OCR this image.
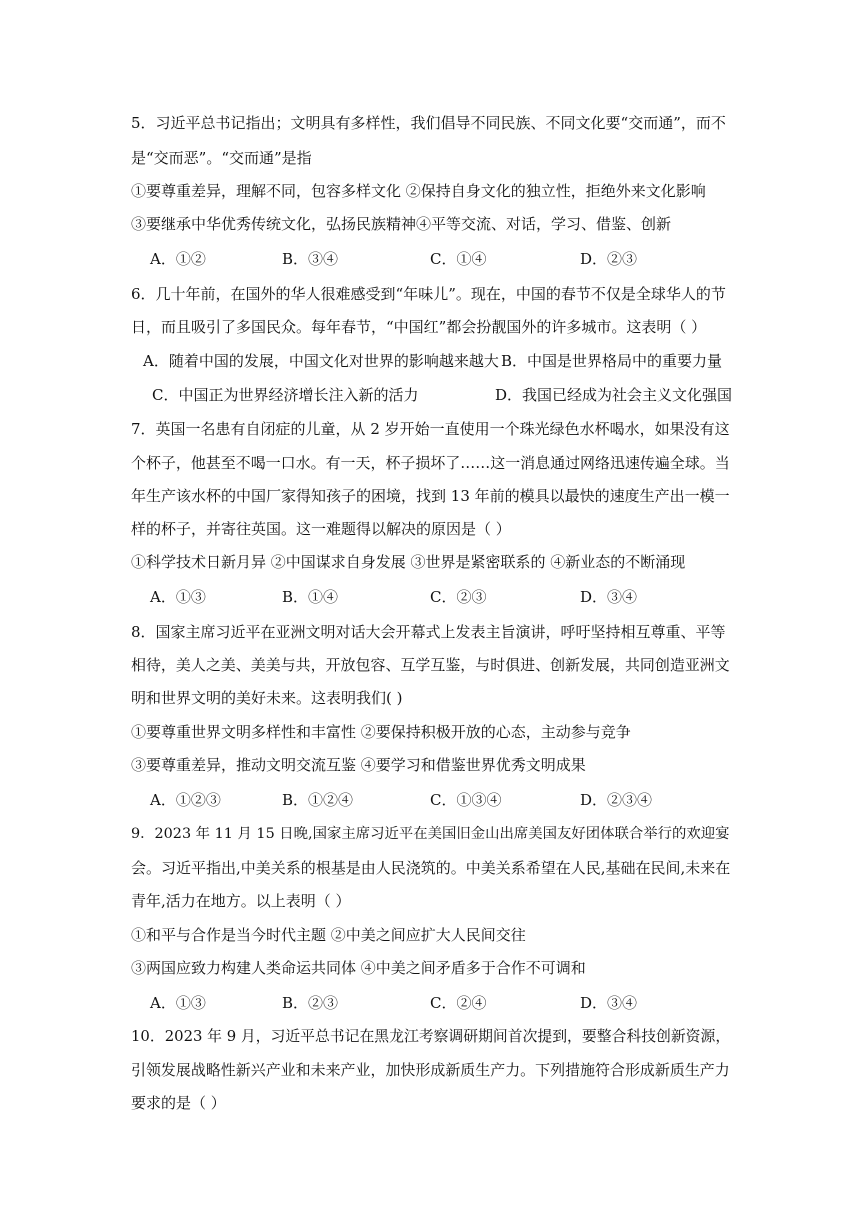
5．习近平总书记指出；文明具有多样性，我们倡导不同民族、不同文化要“交而通”，而不
是“交而恶”。“交而通”是指
①要尊重差异，理解不同，包容多样文化 ②保持自身文化的独立性，拒绝外来文化影响
③要继承中华优秀传统文化，弘扬民族精神④平等交流、对话，学习、借鉴、创新
A．①②	B．③④	C．①④	D．②③
6．几十年前，在国外的华人很难感受到“年味儿”。现在，中国的春节不仅是全球华人的节
日，而且吸引了多国民众。每年春节，“中国红”都会扮靓国外的许多城市。这表明（ ）
A．随着中国的发展，中国文化对世界的影响越来越大 B．中国是世界格局中的重要力量
C．中国正为世界经济增长注入新的活力	D．我国已经成为社会主义文化强国
7．英国一名患有自闭症的儿童，从 2 岁开始一直使用一个珠光绿色水杯喝水，如果没有这
个杯子，他甚至不喝一口水。有一天，杯子损坏了……这一消息通过网络迅速传遍全球。当
年生产该水杯的中国厂家得知孩子的困境，找到 13 年前的模具以最快的速度生产出一模一
样的杯子，并寄往英国。这一难题得以解决的原因是（ ）
①科学技术日新月异 ②中国谋求自身发展 ③世界是紧密联系的 ④新业态的不断涌现
A．①③	B．①④	C．②③	D．③④
8．国家主席习近平在亚洲文明对话大会开幕式上发表主旨演讲，呼吁坚持相互尊重、平等
相待，美人之美、美美与共，开放包容、互学互鉴，与时俱进、创新发展，共同创造亚洲文
明和世界文明的美好未来。这表明我们( )
①要尊重世界文明多样性和丰富性 ②要保持积极开放的心态，主动参与竞争
③要尊重差异，推动文明交流互鉴 ④要学习和借鉴世界优秀文明成果
A．①②③	B．①②④	C．①③④	D．②③④
9．2023 年 11 月 15 日晚,国家主席习近平在美国旧金山出席美国友好团体联合举行的欢迎宴
会。习近平指出,中美关系的根基是由人民浇筑的。中美关系希望在人民,基础在民间,未来在
青年,活力在地方。以上表明（ ）
①和平与合作是当今时代主题 ②中美之间应扩大人民间交往
③两国应致力构建人类命运共同体 ④中美之间矛盾多于合作不可调和
A．①③	B．②③	C．②④	D．③④
10．2023 年 9 月，习近平总书记在黑龙江考察调研期间首次提到，要整合科技创新资源，
引领发展战略性新兴产业和未来产业，加快形成新质生产力。下列措施符合形成新质生产力
要求的是（ ）
